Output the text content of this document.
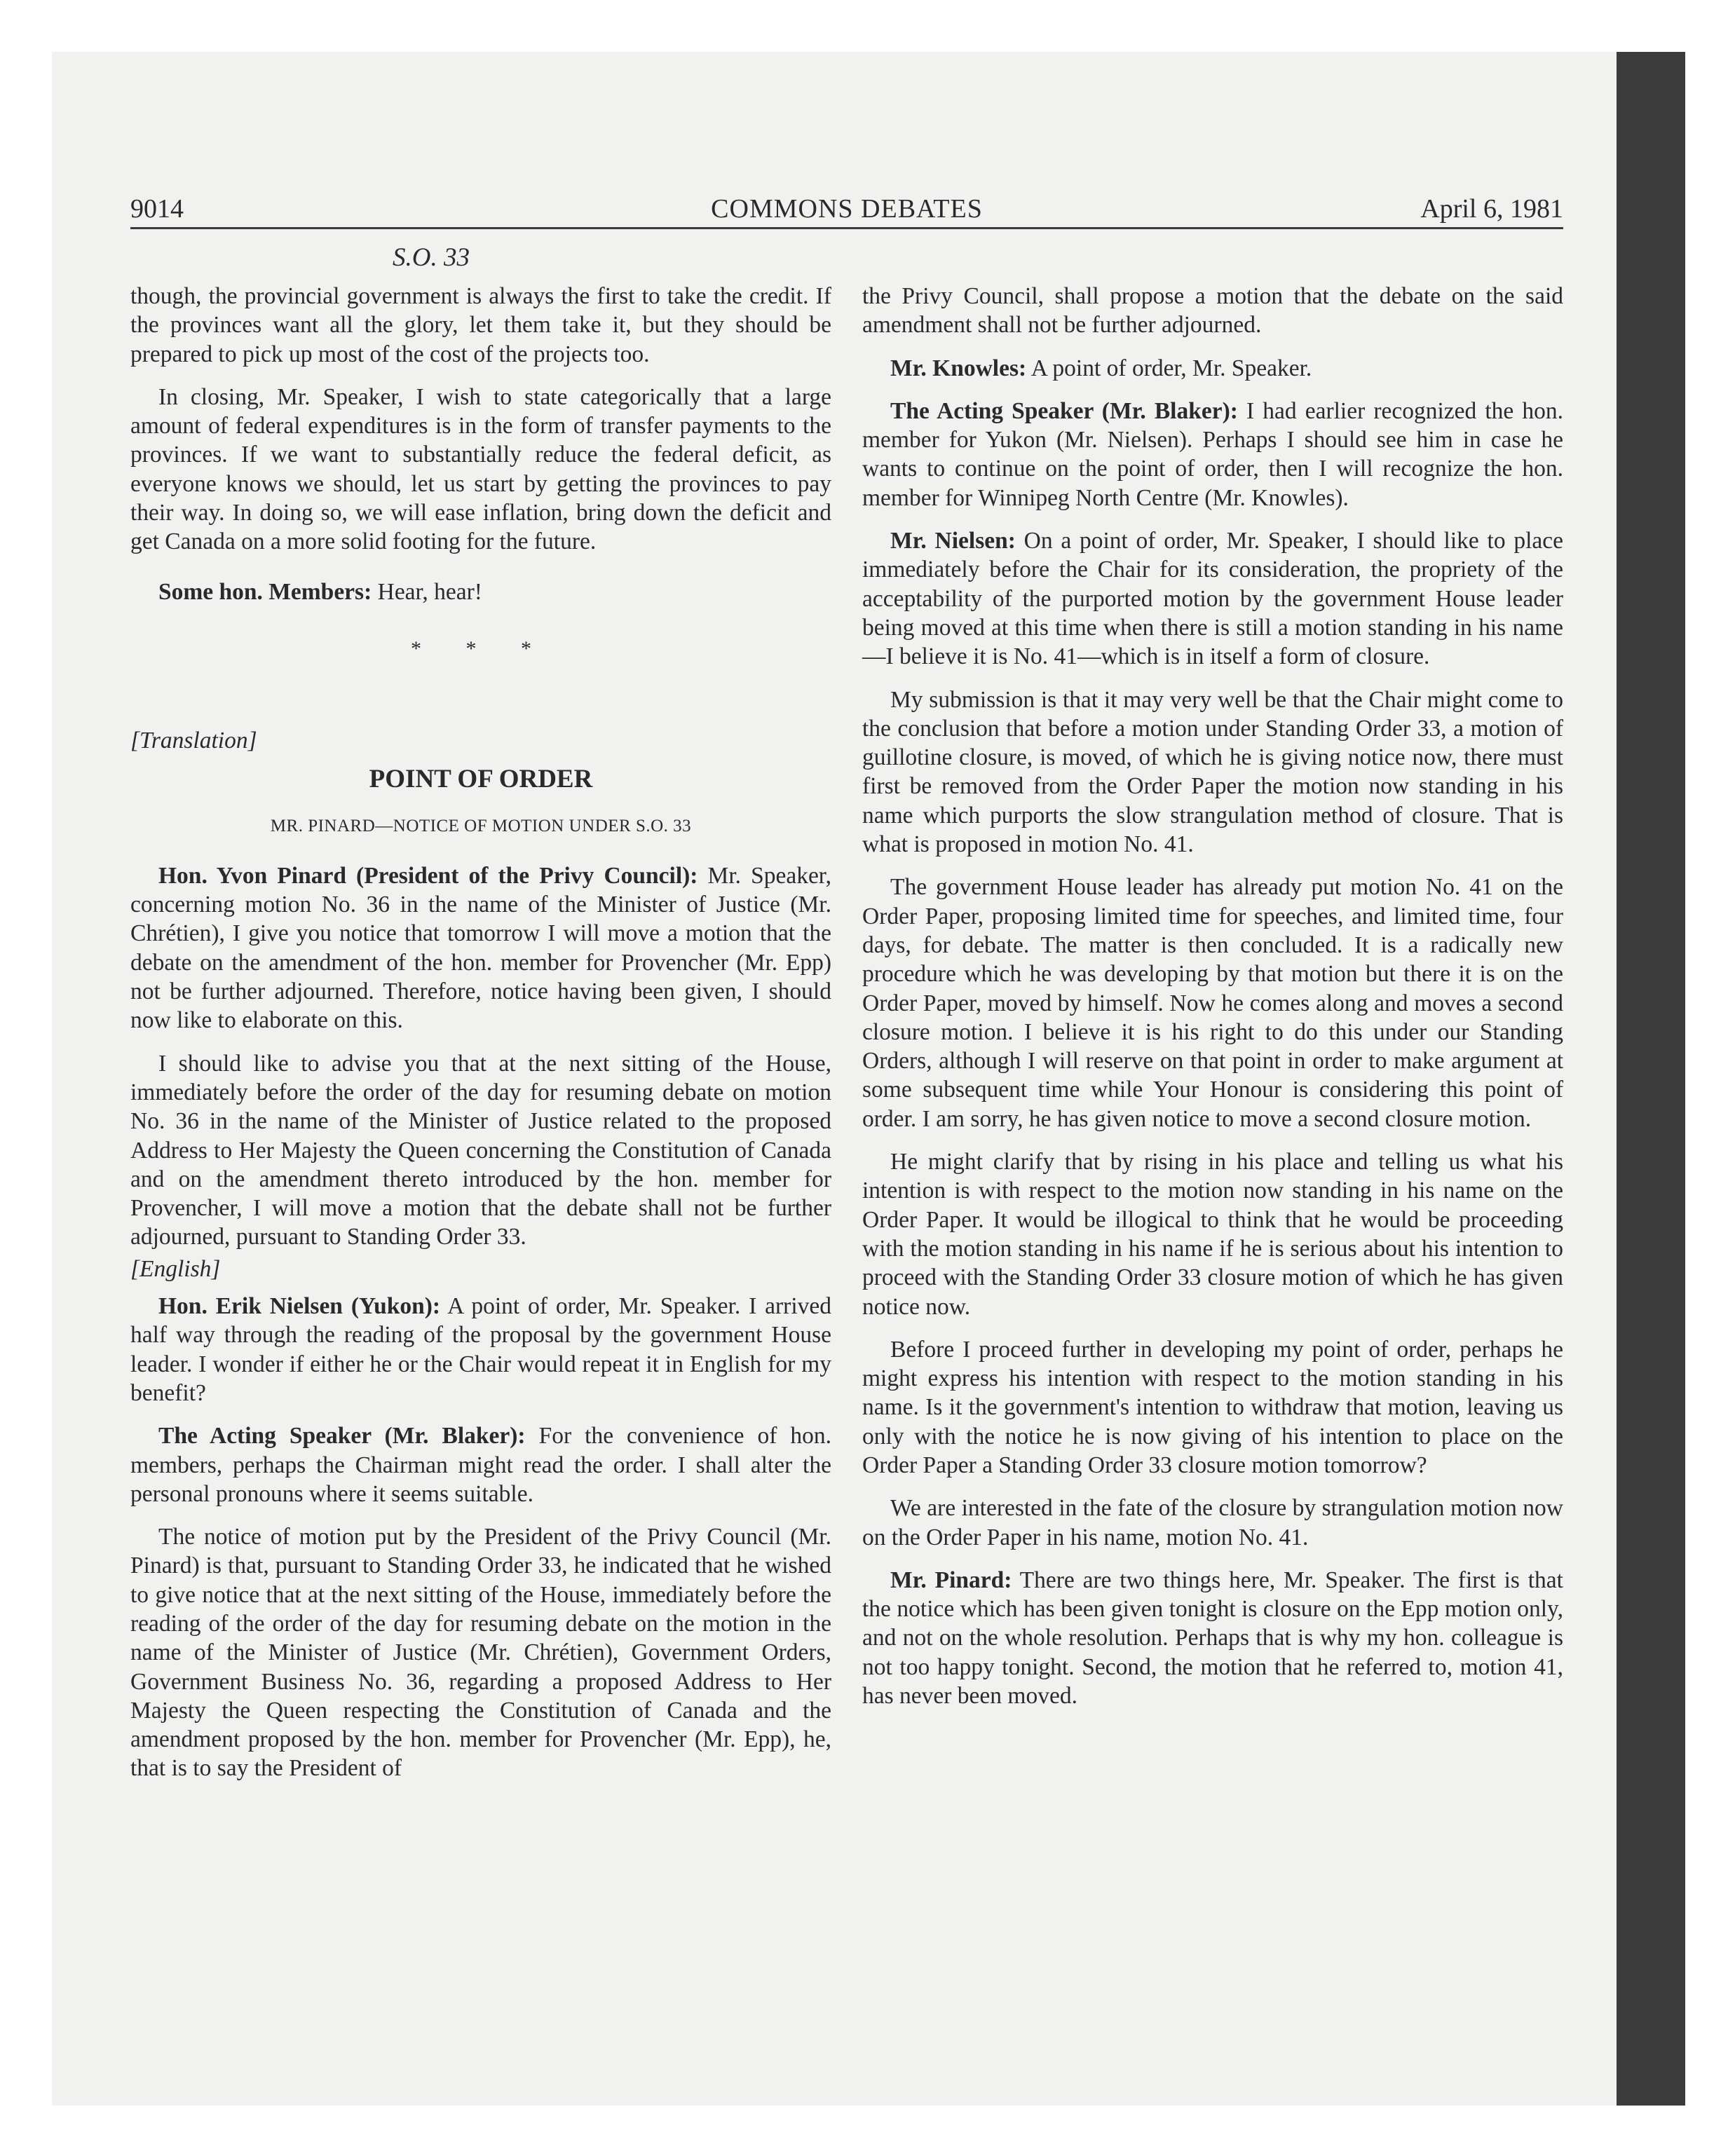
9014	COMMONS DEBATES	April 6, 1981
S.O. 33

though, the provincial government is always the first to take the credit. If the provinces want all the glory, let them take it, but they should be prepared to pick up most of the cost of the projects too.

In closing, Mr. Speaker, I wish to state categorically that a large amount of federal expenditures is in the form of transfer payments to the provinces. If we want to substantially reduce the federal deficit, as everyone knows we should, let us start by getting the provinces to pay their way. In doing so, we will ease inflation, bring down the deficit and get Canada on a more solid footing for the future.

Some hon. Members: Hear, hear!

* * *
[Translation]
POINT OF ORDER
MR. PINARD—NOTICE OF MOTION UNDER S.O. 33

Hon. Yvon Pinard (President of the Privy Council): Mr. Speaker, concerning motion No. 36 in the name of the Minister of Justice (Mr. Chrétien), I give you notice that tomorrow I will move a motion that the debate on the amendment of the hon. member for Provencher (Mr. Epp) not be further adjourned. Therefore, notice having been given, I should now like to elaborate on this.

I should like to advise you that at the next sitting of the House, immediately before the order of the day for resuming debate on motion No. 36 in the name of the Minister of Justice related to the proposed Address to Her Majesty the Queen concerning the Constitution of Canada and on the amendment thereto introduced by the hon. member for Provencher, I will move a motion that the debate shall not be further adjourned, pursuant to Standing Order 33.

[English]

Hon. Erik Nielsen (Yukon): A point of order, Mr. Speaker. I arrived half way through the reading of the proposal by the government House leader. I wonder if either he or the Chair would repeat it in English for my benefit?

The Acting Speaker (Mr. Blaker): For the convenience of hon. members, perhaps the Chairman might read the order. I shall alter the personal pronouns where it seems suitable.

The notice of motion put by the President of the Privy Council (Mr. Pinard) is that, pursuant to Standing Order 33, he indicated that he wished to give notice that at the next sitting of the House, immediately before the reading of the order of the day for resuming debate on the motion in the name of the Minister of Justice (Mr. Chrétien), Government Orders, Government Business No. 36, regarding a proposed Address to Her Majesty the Queen respecting the Constitution of Canada and the amendment proposed by the hon. member for Provencher (Mr. Epp), he, that is to say the President of

the Privy Council, shall propose a motion that the debate on the said amendment shall not be further adjourned.

Mr. Knowles: A point of order, Mr. Speaker.

The Acting Speaker (Mr. Blaker): I had earlier recognized the hon. member for Yukon (Mr. Nielsen). Perhaps I should see him in case he wants to continue on the point of order, then I will recognize the hon. member for Winnipeg North Centre (Mr. Knowles).

Mr. Nielsen: On a point of order, Mr. Speaker, I should like to place immediately before the Chair for its consideration, the propriety of the acceptability of the purported motion by the government House leader being moved at this time when there is still a motion standing in his name—I believe it is No. 41—which is in itself a form of closure.

My submission is that it may very well be that the Chair might come to the conclusion that before a motion under Standing Order 33, a motion of guillotine closure, is moved, of which he is giving notice now, there must first be removed from the Order Paper the motion now standing in his name which purports the slow strangulation method of closure. That is what is proposed in motion No. 41.

The government House leader has already put motion No. 41 on the Order Paper, proposing limited time for speeches, and limited time, four days, for debate. The matter is then concluded. It is a radically new procedure which he was developing by that motion but there it is on the Order Paper, moved by himself. Now he comes along and moves a second closure motion. I believe it is his right to do this under our Standing Orders, although I will reserve on that point in order to make argument at some subsequent time while Your Honour is considering this point of order. I am sorry, he has given notice to move a second closure motion.

He might clarify that by rising in his place and telling us what his intention is with respect to the motion now standing in his name on the Order Paper. It would be illogical to think that he would be proceeding with the motion standing in his name if he is serious about his intention to proceed with the Standing Order 33 closure motion of which he has given notice now.

Before I proceed further in developing my point of order, perhaps he might express his intention with respect to the motion standing in his name. Is it the government's intention to withdraw that motion, leaving us only with the notice he is now giving of his intention to place on the Order Paper a Standing Order 33 closure motion tomorrow?

We are interested in the fate of the closure by strangulation motion now on the Order Paper in his name, motion No. 41.

Mr. Pinard: There are two things here, Mr. Speaker. The first is that the notice which has been given tonight is closure on the Epp motion only, and not on the whole resolution. Perhaps that is why my hon. colleague is not too happy tonight. Second, the motion that he referred to, motion 41, has never been moved.
